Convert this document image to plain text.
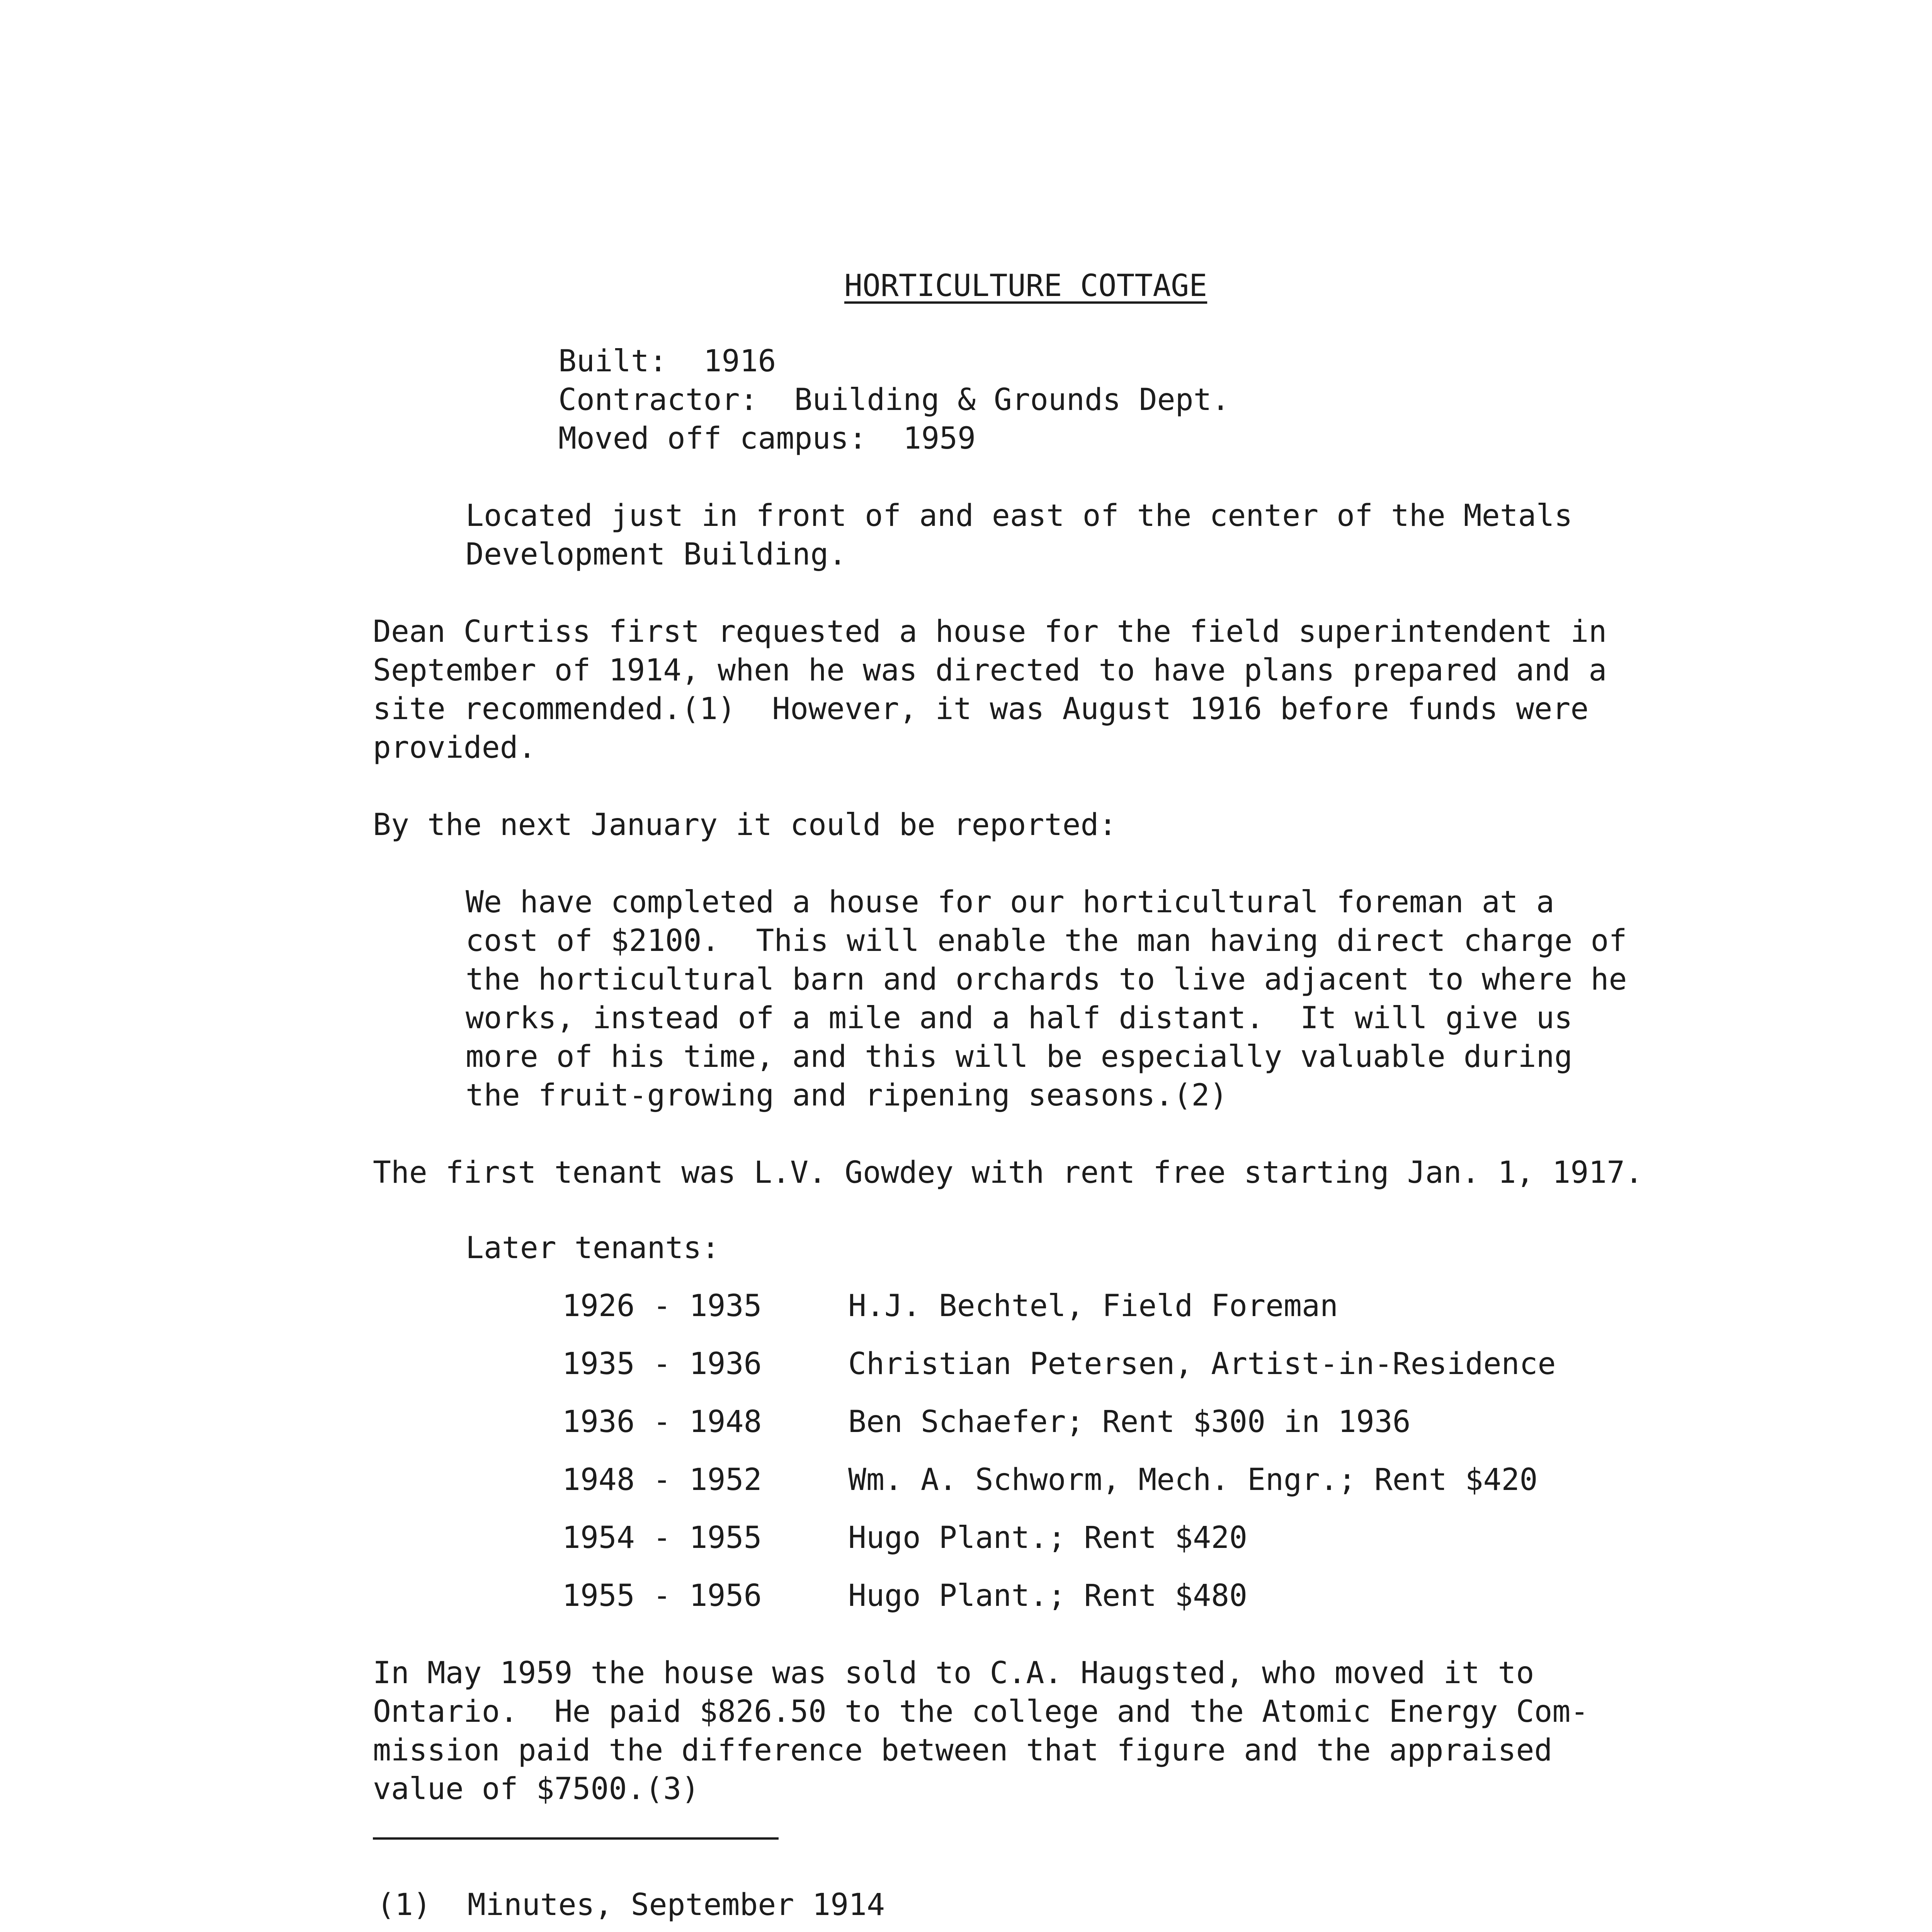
HORTICULTURE COTTAGE
Built:  1916
Contractor:  Building & Grounds Dept.
Moved off campus:  1959
Located just in front of and east of the center of the Metals
Development Building.
Dean Curtiss first requested a house for the field superintendent in
September of 1914, when he was directed to have plans prepared and a
site recommended.(1)  However, it was August 1916 before funds were
provided.
By the next January it could be reported:
We have completed a house for our horticultural foreman at a
cost of $2100.  This will enable the man having direct charge of
the horticultural barn and orchards to live adjacent to where he
works, instead of a mile and a half distant.  It will give us
more of his time, and this will be especially valuable during
the fruit-growing and ripening seasons.(2)
The first tenant was L.V. Gowdey with rent free starting Jan. 1, 1917.
Later tenants:
1926 - 1935	H.J. Bechtel, Field Foreman
1935 - 1936	Christian Petersen, Artist-in-Residence
1936 - 1948	Ben Schaefer; Rent $300 in 1936
1948 - 1952	Wm. A. Schworm, Mech. Engr.; Rent $420
1954 - 1955	Hugo Plant.; Rent $420
1955 - 1956	Hugo Plant.; Rent $480
In May 1959 the house was sold to C.A. Haugsted, who moved it to
Ontario.  He paid $826.50 to the college and the Atomic Energy Com-
mission paid the difference between that figure and the appraised
value of $7500.(3)
(1) Minutes, September 1914
